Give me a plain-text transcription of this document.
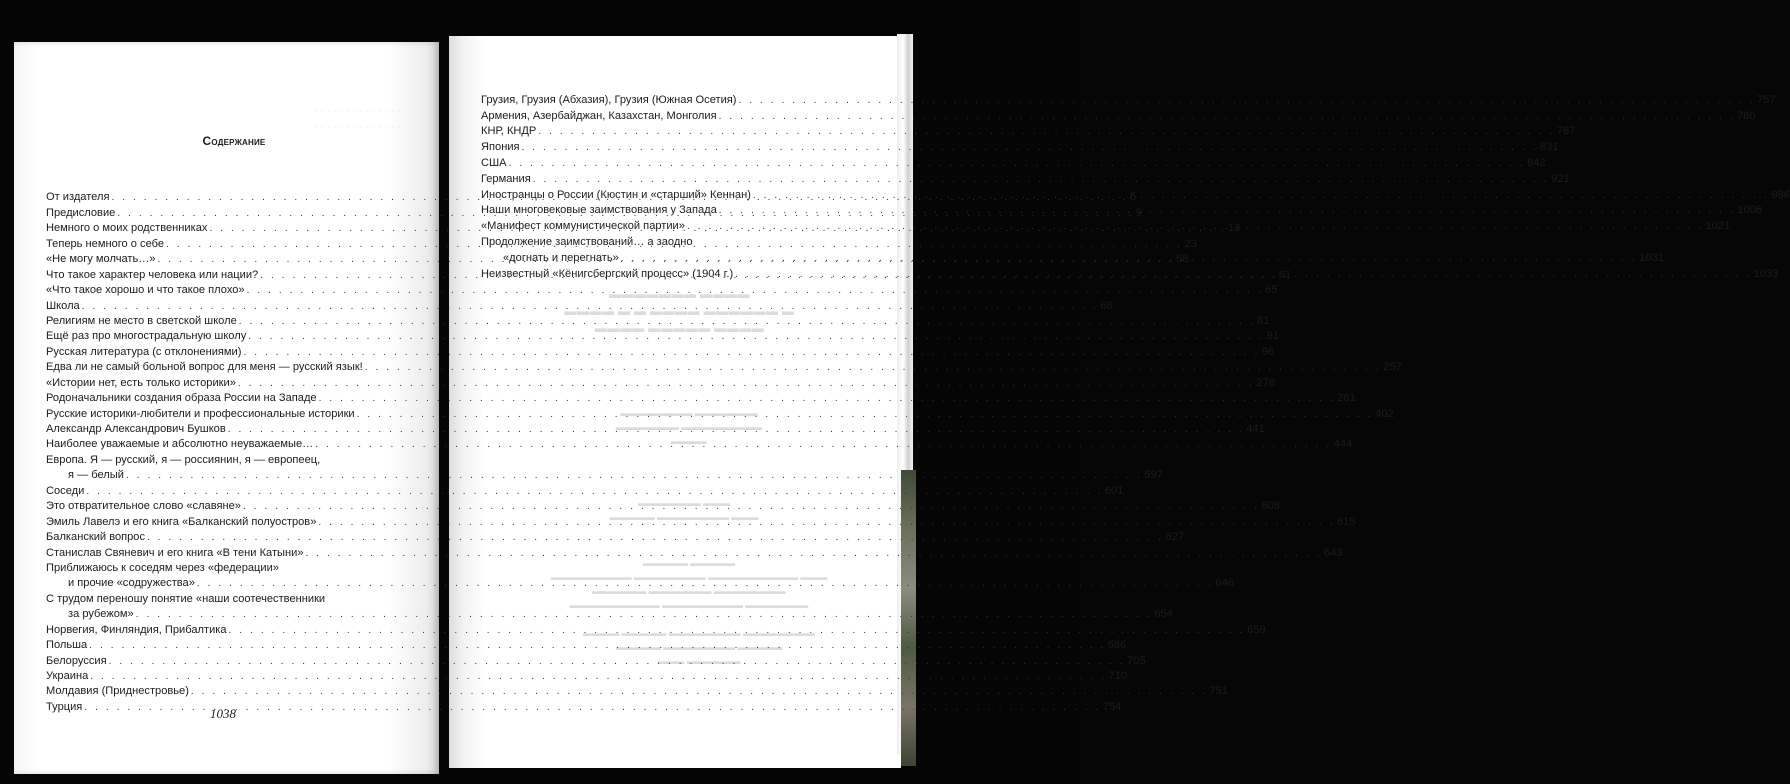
· · · · · · · · · · · · · ·
· · · · · · · · · · · · · ·
▬▬▬▬ ▬▬▬▬▬▬▬
▬ ▬▬▬▬▬▬ ▬▬▬▬ ▬ ▬ ▬▬▬▬
▬▬▬▬ ▬▬▬▬▬ ▬▬▬▬
▬▬▬▬▬▬▬ ▬▬▬▬▬▬▬▬
▬▬▬▬▬▬▬▬▬ ▬▬▬▬▬▬▬ ▬▬▬▬
▬▬▬ ▬▬▬▬▬▬▬
▬▬▬ ▬▬▬▬▬▬▬▬ ▬▬▬▬▬
▬▬▬▬▬ ▬▬▬▬▬
▬▬▬ ▬▬▬▬▬▬▬▬▬▬ ▬▬▬▬▬▬▬▬ ▬▬▬▬▬▬▬▬▬
▬▬▬▬▬▬▬▬ ▬▬▬▬▬▬▬ ▬▬▬▬▬▬
▬▬▬▬▬▬▬ ▬▬▬▬▬▬▬▬▬ ▬▬▬▬▬▬▬▬▬▬
▬▬▬▬▬▬▬▬ ▬▬▬▬▬▬▬▬ ▬▬▬▬▬ ▬▬▬▬
▬▬▬▬▬ ▬▬▬▬▬▬▬▬ ▬▬▬▬▬
▬▬▬▬▬▬ ▬▬▬
Содержание
От издателя . . .	5
Предисловие . . .	9
Немного о моих родственниках . . .	13
Теперь немного о себе . . .	23
«Не могу молчать…» . . .	58
Что такое характер человека или нации? . . .	61
«Что такое хорошо и что такое плохо» . . .	65
Школа . . .	68
Религиям не место в светской школе . . .	81
Ещё раз про многострадальную школу . . .	91
Русская литература (с отклонениями) . . .	96
Едва ли не самый больной вопрос для меня — русский язык! . . .	257
«Истории нет, есть только историки» . . .	278
Родоначальники создания образа России на Западе . . .	281
Русские историки-любители и профессиональные историки . . .	402
Александр Александрович Бушков . . .	441
Наиболее уважаемые и абсолютно неуважаемые… . . .	444
Европа. Я — русский, я — россиянин, я — европеец,
я — белый . . .	597
Соседи . . .	601
Это отвратительное слово «славяне» . . .	608
Эмиль Лавелэ и его книга «Балканский полуостров» . . .	615
Балканский вопрос . . .	627
Станислав Свяневич и его книга «В тени Катыни» . . .	643
Приближаюсь к соседям через «федерации»
и прочие «содружества» . . .	646
С трудом переношу понятие «наши соотечественники
за рубежом» . . .	654
Норвегия, Финляндия, Прибалтика . . .	659
Польша . . .	686
Белоруссия . . .	705
Украина . . .	710
Молдавия (Приднестровье) . . .	751
Турция . . .	754
Грузия, Грузия (Абхазия), Грузия (Южная Осетия) . . .	757
Армения, Азербайджан, Казахстан, Монголия . . .	780
КНР, КНДР . . .	787
Япония . . .	831
США . . .	842
Германия . . .	921
Иностранцы о России (Кюстин и «старший» Кеннан) . . .	986
Наши многовековые заимствования у Запада . . .	1006
«Манифест коммунистической партии» . . .	1021
Продолжение заимствований… а заодно
«догнать и перегнать» . . .	1031
Неизвестный «Кёнигсбергский процесс» (1904 г.) . . .	1033
1038
